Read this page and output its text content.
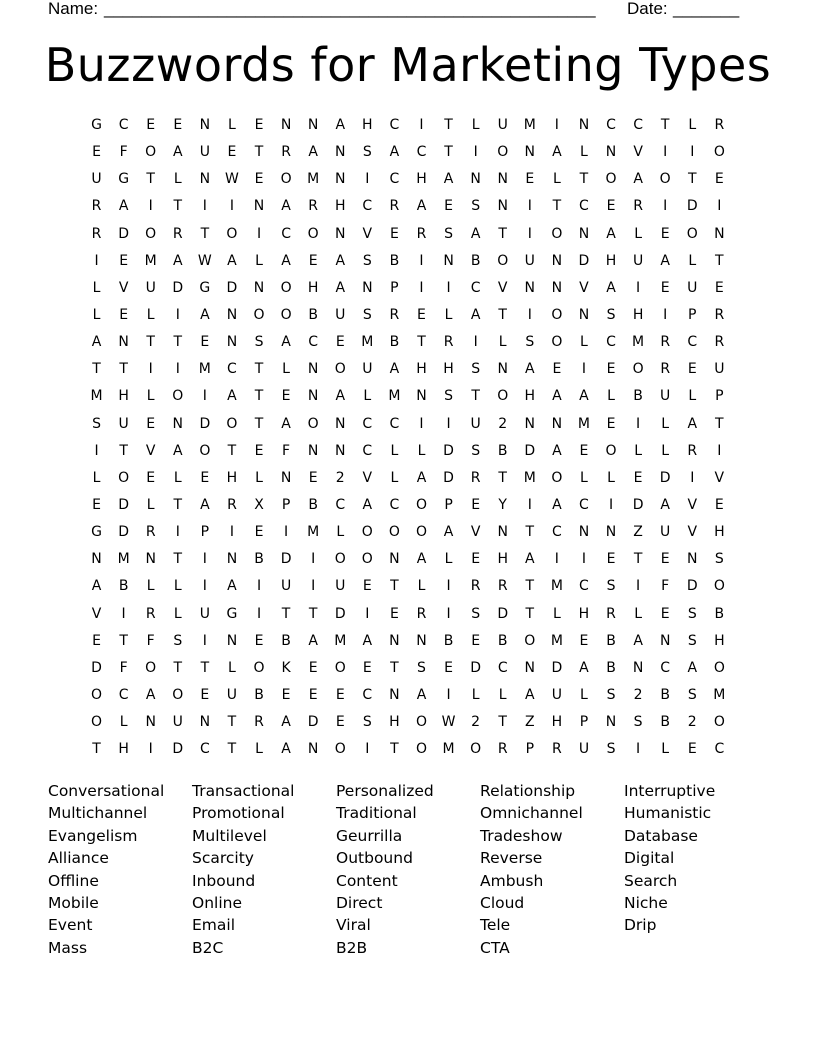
Name: ____________________________________________________ Date: _______
Buzzwords for Marketing Types
G	C	E	E	N	L	E	N	N	A	H	C	I	T	L	U	M	I	N	C	C	T	L	R
E	F	O	A	U	E	T	R	A	N	S	A	C	T	I	O	N	A	L	N	V	I	I	O
U	G	T	L	N	W	E	O	M	N	I	C	H	A	N	N	E	L	T	O	A	O	T	E
R	A	I	T	I	I	N	A	R	H	C	R	A	E	S	N	I	T	C	E	R	I	D	I
R	D	O	R	T	O	I	C	O	N	V	E	R	S	A	T	I	O	N	A	L	E	O	N
I	E	M	A	W	A	L	A	E	A	S	B	I	N	B	O	U	N	D	H	U	A	L	T
L	V	U	D	G	D	N	O	H	A	N	P	I	I	C	V	N	N	V	A	I	E	U	E
L	E	L	I	A	N	O	O	B	U	S	R	E	L	A	T	I	O	N	S	H	I	P	R
A	N	T	T	E	N	S	A	C	E	M	B	T	R	I	L	S	O	L	C	M	R	C	R
T	T	I	I	M	C	T	L	N	O	U	A	H	H	S	N	A	E	I	E	O	R	E	U
M	H	L	O	I	A	T	E	N	A	L	M	N	S	T	O	H	A	A	L	B	U	L	P
S	U	E	N	D	O	T	A	O	N	C	C	I	I	U	2	N	N	M	E	I	L	A	T
I	T	V	A	O	T	E	F	N	N	C	L	L	D	S	B	D	A	E	O	L	L	R	I
L	O	E	L	E	H	L	N	E	2	V	L	A	D	R	T	M	O	L	L	E	D	I	V
E	D	L	T	A	R	X	P	B	C	A	C	O	P	E	Y	I	A	C	I	D	A	V	E
G	D	R	I	P	I	E	I	M	L	O	O	O	A	V	N	T	C	N	N	Z	U	V	H
N	M	N	T	I	N	B	D	I	O	O	N	A	L	E	H	A	I	I	E	T	E	N	S
A	B	L	L	I	A	I	U	I	U	E	T	L	I	R	R	T	M	C	S	I	F	D	O
V	I	R	L	U	G	I	T	T	D	I	E	R	I	S	D	T	L	H	R	L	E	S	B
E	T	F	S	I	N	E	B	A	M	A	N	N	B	E	B	O	M	E	B	A	N	S	H
D	F	O	T	T	L	O	K	E	O	E	T	S	E	D	C	N	D	A	B	N	C	A	O
O	C	A	O	E	U	B	E	E	E	C	N	A	I	L	L	A	U	L	S	2	B	S	M
O	L	N	U	N	T	R	A	D	E	S	H	O	W	2	T	Z	H	P	N	S	B	2	O
T	H	I	D	C	T	L	A	N	O	I	T	O	M	O	R	P	R	U	S	I	L	E	C
Conversational
Multichannel
Evangelism
Alliance
Offline
Mobile
Event
Mass
Transactional
Promotional
Multilevel
Scarcity
Inbound
Online
Email
B2C
Personalized
Traditional
Geurrilla
Outbound
Content
Direct
Viral
B2B
Relationship
Omnichannel
Tradeshow
Reverse
Ambush
Cloud
Tele
CTA
Interruptive
Humanistic
Database
Digital
Search
Niche
Drip
